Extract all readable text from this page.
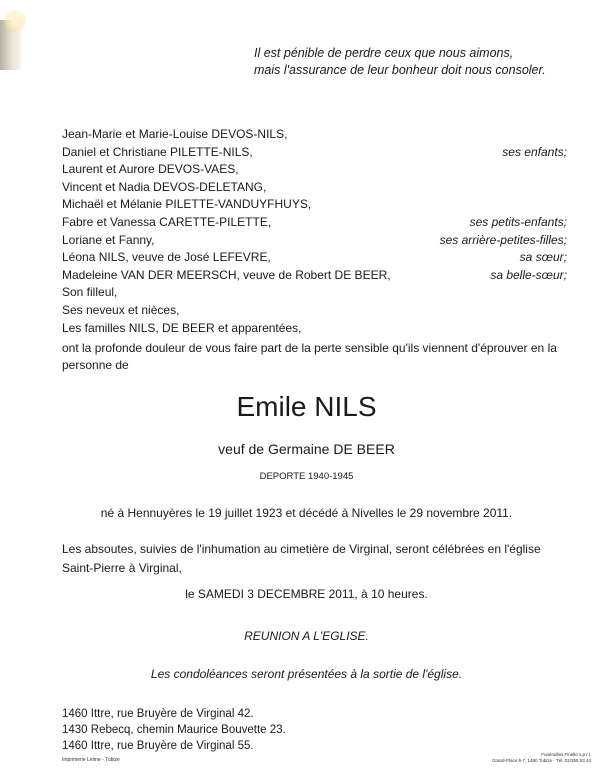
Il est pénible de perdre ceux que nous aimons,
mais l'assurance de leur bonheur doit nous consoler.
Jean-Marie et Marie-Louise DEVOS-NILS,
Daniel et Christiane PILETTE-NILS,	ses enfants;
Laurent et Aurore DEVOS-VAES,
Vincent et Nadia DEVOS-DELETANG,
Michaël et Mélanie PILETTE-VANDUYFHUYS,
Fabre et Vanessa CARETTE-PILETTE,	ses petits-enfants;
Loriane et Fanny,	ses arrière-petites-filles;
Léona NILS, veuve de José LEFEVRE,	sa sœur;
Madeleine VAN DER MEERSCH, veuve de Robert DE BEER,	sa belle-sœur;
Son filleul,
Ses neveux et nièces,
Les familles NILS, DE BEER et apparentées,
ont la profonde douleur de vous faire part de la perte sensible qu'ils viennent d'éprouver en la personne de
Emile NILS
veuf de Germaine DE BEER
DEPORTE 1940-1945
né à Hennuyères le 19 juillet 1923 et décédé à Nivelles le 29 novembre 2011.
Les absoutes, suivies de l'inhumation au cimetière de Virginal, seront célébrées en l'église Saint-Pierre à Virginal,
le SAMEDI 3 DECEMBRE 2011, à 10 heures.
REUNION A L'EGLISE.
Les condoléances seront présentées à la sortie de l'église.
1460 Ittre, rue Bruyère de Virginal 42.
1430 Rebecq, chemin Maurice Bouvette 23.
1460 Ittre, rue Bruyère de Virginal 55.
Imprimerie Lelme - Tubize
Funérailles Finelle s.p.r.l.
Grand-Place 6-7, 1480 Tubize - Tél. 02/355 53 44
